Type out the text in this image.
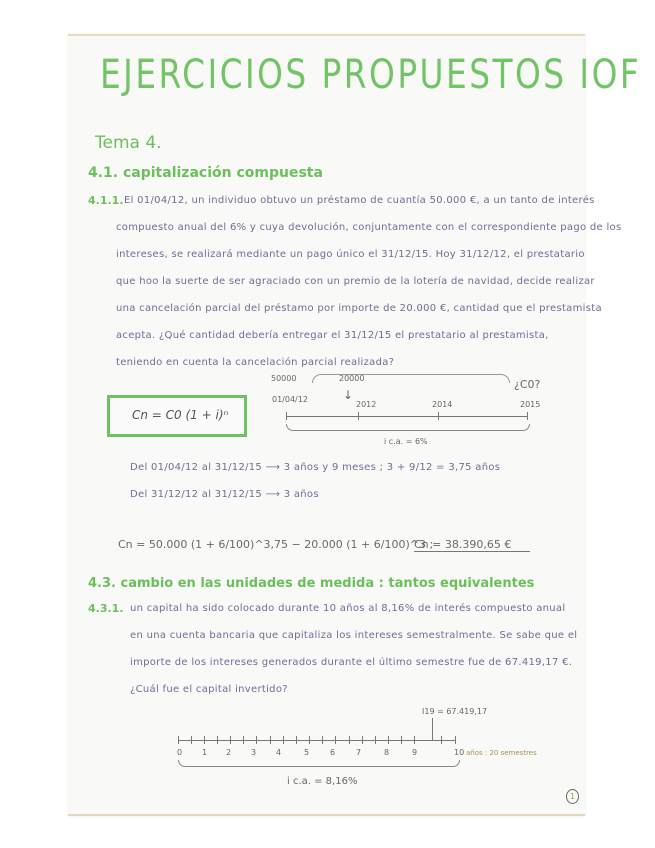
EJERCICIOS PROPUESTOS IOF
Tema 4.
4.1. capitalización compuesta
4.1.1. El 01/04/12, un individuo obtuvo un préstamo de cuantía 50.000 €, a un tanto de interés
compuesto anual del 6% y cuya devolución, conjuntamente con el correspondiente pago de los
intereses, se realizará mediante un pago único el 31/12/15. Hoy 31/12/12, el prestatario
que hoo la suerte de ser agraciado con un premio de la lotería de navidad, decide realizar
una cancelación parcial del préstamo por importe de 20.000 €, cantidad que el prestamista
acepta. ¿Qué cantidad debería entregar el 31/12/15 el prestatario al prestamista,
teniendo en cuenta la cancelación parcial realizada?
Cn = C0 (1 + i)ⁿ
50000	20000
01/04/12	↓
2012	2014	2015
¿C0?
i c.a. = 6%
Del 01/04/12 al 31/12/15 ⟶ 3 años y 9 meses ; 3 + 9/12 = 3,75 años
Del 31/12/12 al 31/12/15 ⟶ 3 años
Cn = 50.000 (1 + 6/100)^3,75 − 20.000 (1 + 6/100)^3 ;
Cn = 38.390,65 €
4.3. cambio en las unidades de medida : tantos equivalentes
4.3.1. un capital ha sido colocado durante 10 años al 8,16% de interés compuesto anual
en una cuenta bancaria que capitaliza los intereses semestralmente. Se sabe que el
importe de los intereses generados durante el último semestre fue de 67.419,17 €.
¿Cuál fue el capital invertido?
I19 = 67.419,17
0 1 2 3 4	5	6	7	8	9	10 años : 20 semestres
i c.a. = 8,16%
1
